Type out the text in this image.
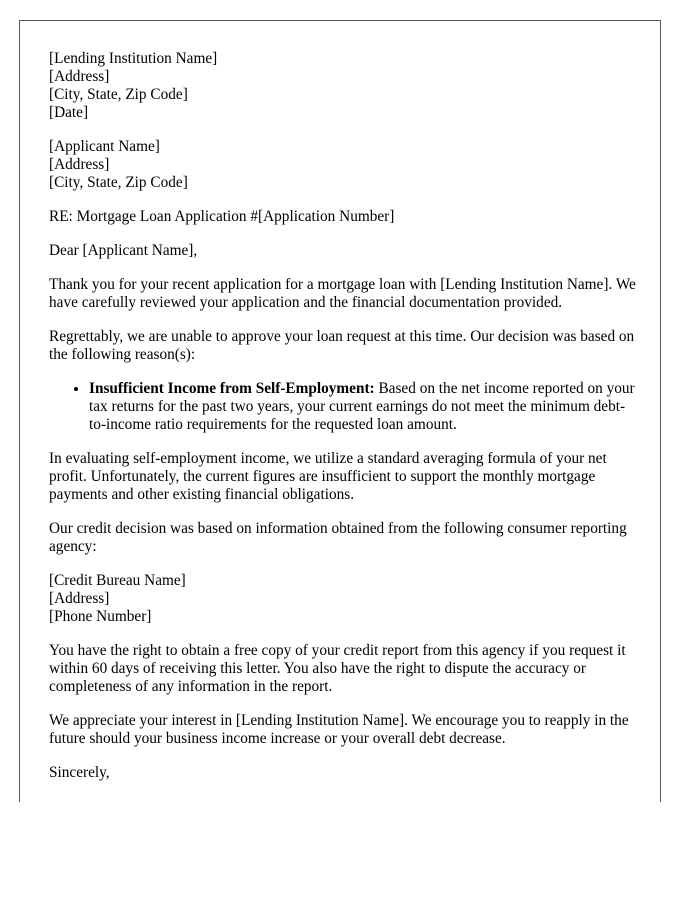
[Lending Institution Name]
[Address]
[City, State, Zip Code]
[Date]
[Applicant Name]
[Address]
[City, State, Zip Code]

RE: Mortgage Loan Application #[Application Number]

Dear [Applicant Name],

Thank you for your recent application for a mortgage loan with [Lending Institution Name]. We have carefully reviewed your application and the financial documentation provided.

Regrettably, we are unable to approve your loan request at this time. Our decision was based on the following reason(s):

• Insufficient Income from Self-Employment: Based on the net income reported on your tax returns for the past two years, your current earnings do not meet the minimum debt-to-income ratio requirements for the requested loan amount.

In evaluating self-employment income, we utilize a standard averaging formula of your net profit. Unfortunately, the current figures are insufficient to support the monthly mortgage payments and other existing financial obligations.

Our credit decision was based on information obtained from the following consumer reporting agency:

[Credit Bureau Name]
[Address]
[Phone Number]

You have the right to obtain a free copy of your credit report from this agency if you request it within 60 days of receiving this letter. You also have the right to dispute the accuracy or completeness of any information in the report.

We appreciate your interest in [Lending Institution Name]. We encourage you to reapply in the future should your business income increase or your overall debt decrease.

Sincerely,
